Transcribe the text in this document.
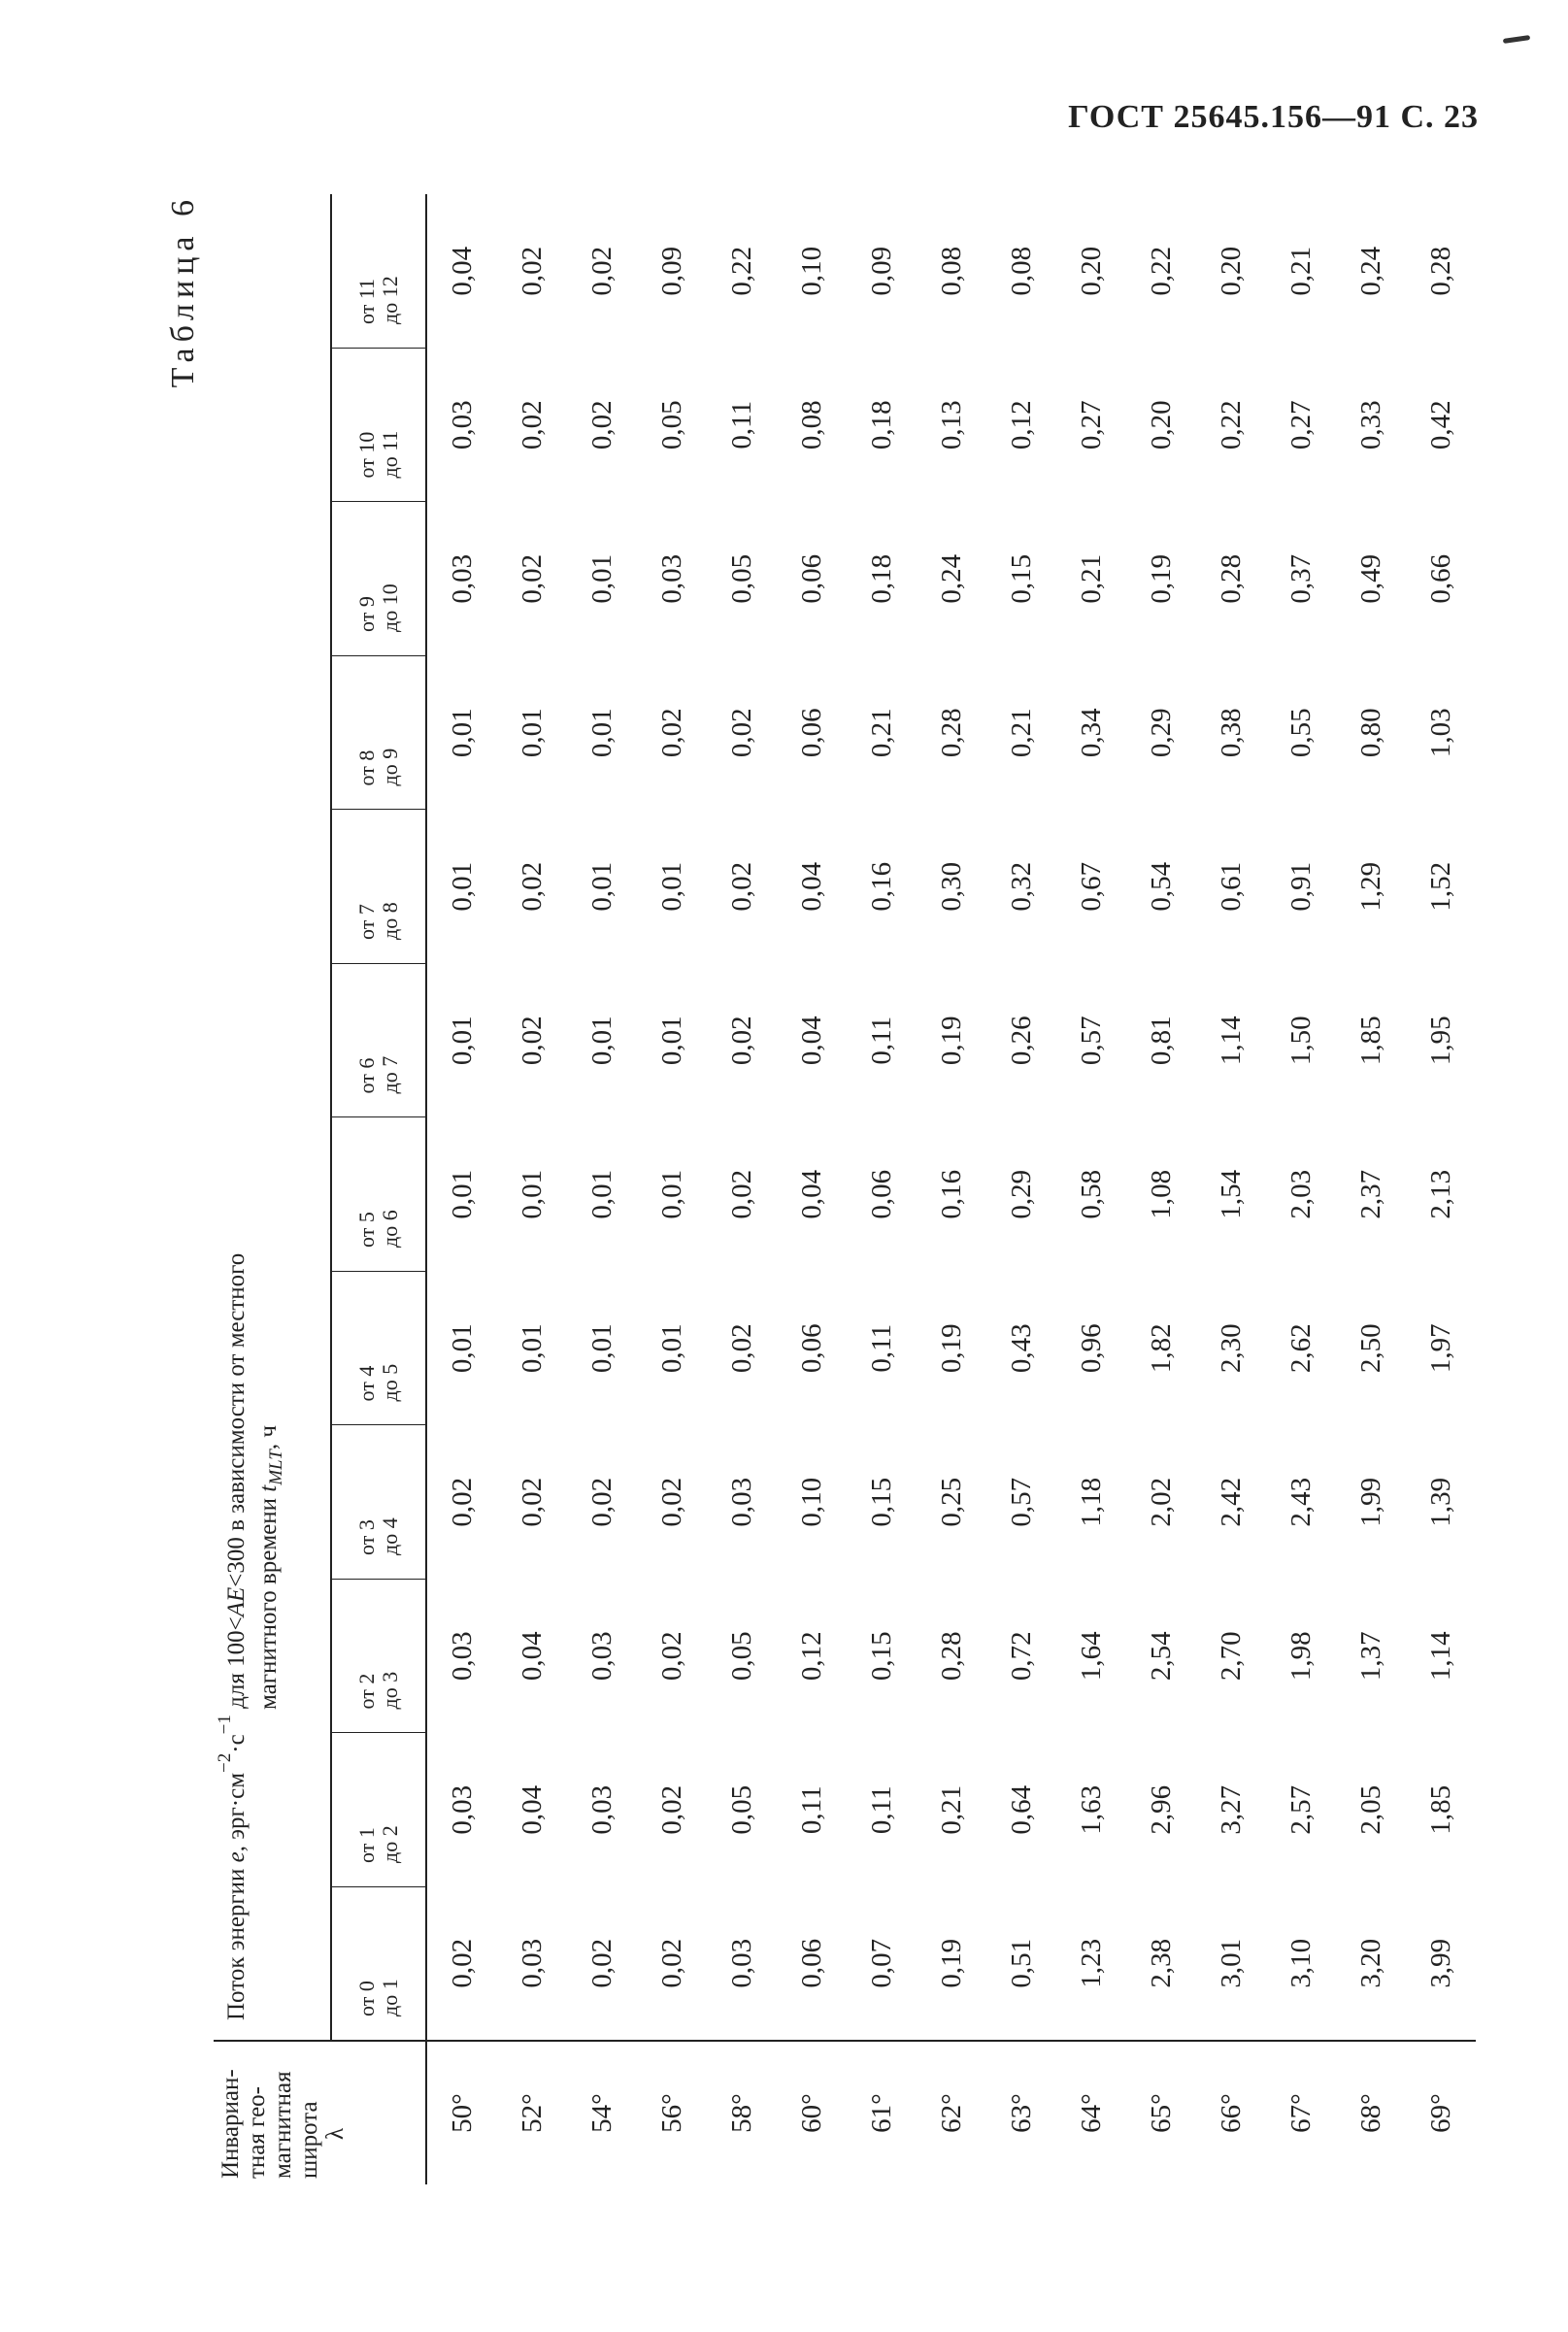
ГОСТ 25645.156—91 С. 23
Таблица 6
Инвариан-
тная гео-
магнитная
широта
λ	Поток энергии e, $эрг\cdot см^{-2}\cdot с^{-1}$ для 100<AE<300 в зависимости от местного
магнитного времени $t_{MLT}$, ч											
	от 0
до 1	от 1
до 2	от 2
до 3	от 3
до 4	от 4
до 5	от 5
до 6	от 6
до 7	от 7
до 8	от 8
до 9	от 9
до 10	от 10
до 11	от 11
до 12
50°	0,02	0,03	0,03	0,02	0,01	0,01	0,01	0,01	0,01	0,03	0,03	0,04
52°	0,03	0,04	0,04	0,02	0,01	0,01	0,02	0,02	0,01	0,02	0,02	0,02
54°	0,02	0,03	0,03	0,02	0,01	0,01	0,01	0,01	0,01	0,01	0,02	0,02
56°	0,02	0,02	0,02	0,02	0,01	0,01	0,01	0,01	0,02	0,03	0,05	0,09
58°	0,03	0,05	0,05	0,03	0,02	0,02	0,02	0,02	0,02	0,05	0,11	0,22
60°	0,06	0,11	0,12	0,10	0,06	0,04	0,04	0,04	0,06	0,06	0,08	0,10
61°	0,07	0,11	0,15	0,15	0,11	0,06	0,11	0,16	0,21	0,18	0,18	0,09
62°	0,19	0,21	0,28	0,25	0,19	0,16	0,19	0,30	0,28	0,24	0,13	0,08
63°	0,51	0,64	0,72	0,57	0,43	0,29	0,26	0,32	0,21	0,15	0,12	0,08
64°	1,23	1,63	1,64	1,18	0,96	0,58	0,57	0,67	0,34	0,21	0,27	0,20
65°	2,38	2,96	2,54	2,02	1,82	1,08	0,81	0,54	0,29	0,19	0,20	0,22
66°	3,01	3,27	2,70	2,42	2,30	1,54	1,14	0,61	0,38	0,28	0,22	0,20
67°	3,10	2,57	1,98	2,43	2,62	2,03	1,50	0,91	0,55	0,37	0,27	0,21
68°	3,20	2,05	1,37	1,99	2,50	2,37	1,85	1,29	0,80	0,49	0,33	0,24
69°	3,99	1,85	1,14	1,39	1,97	2,13	1,95	1,52	1,03	0,66	0,42	0,28
